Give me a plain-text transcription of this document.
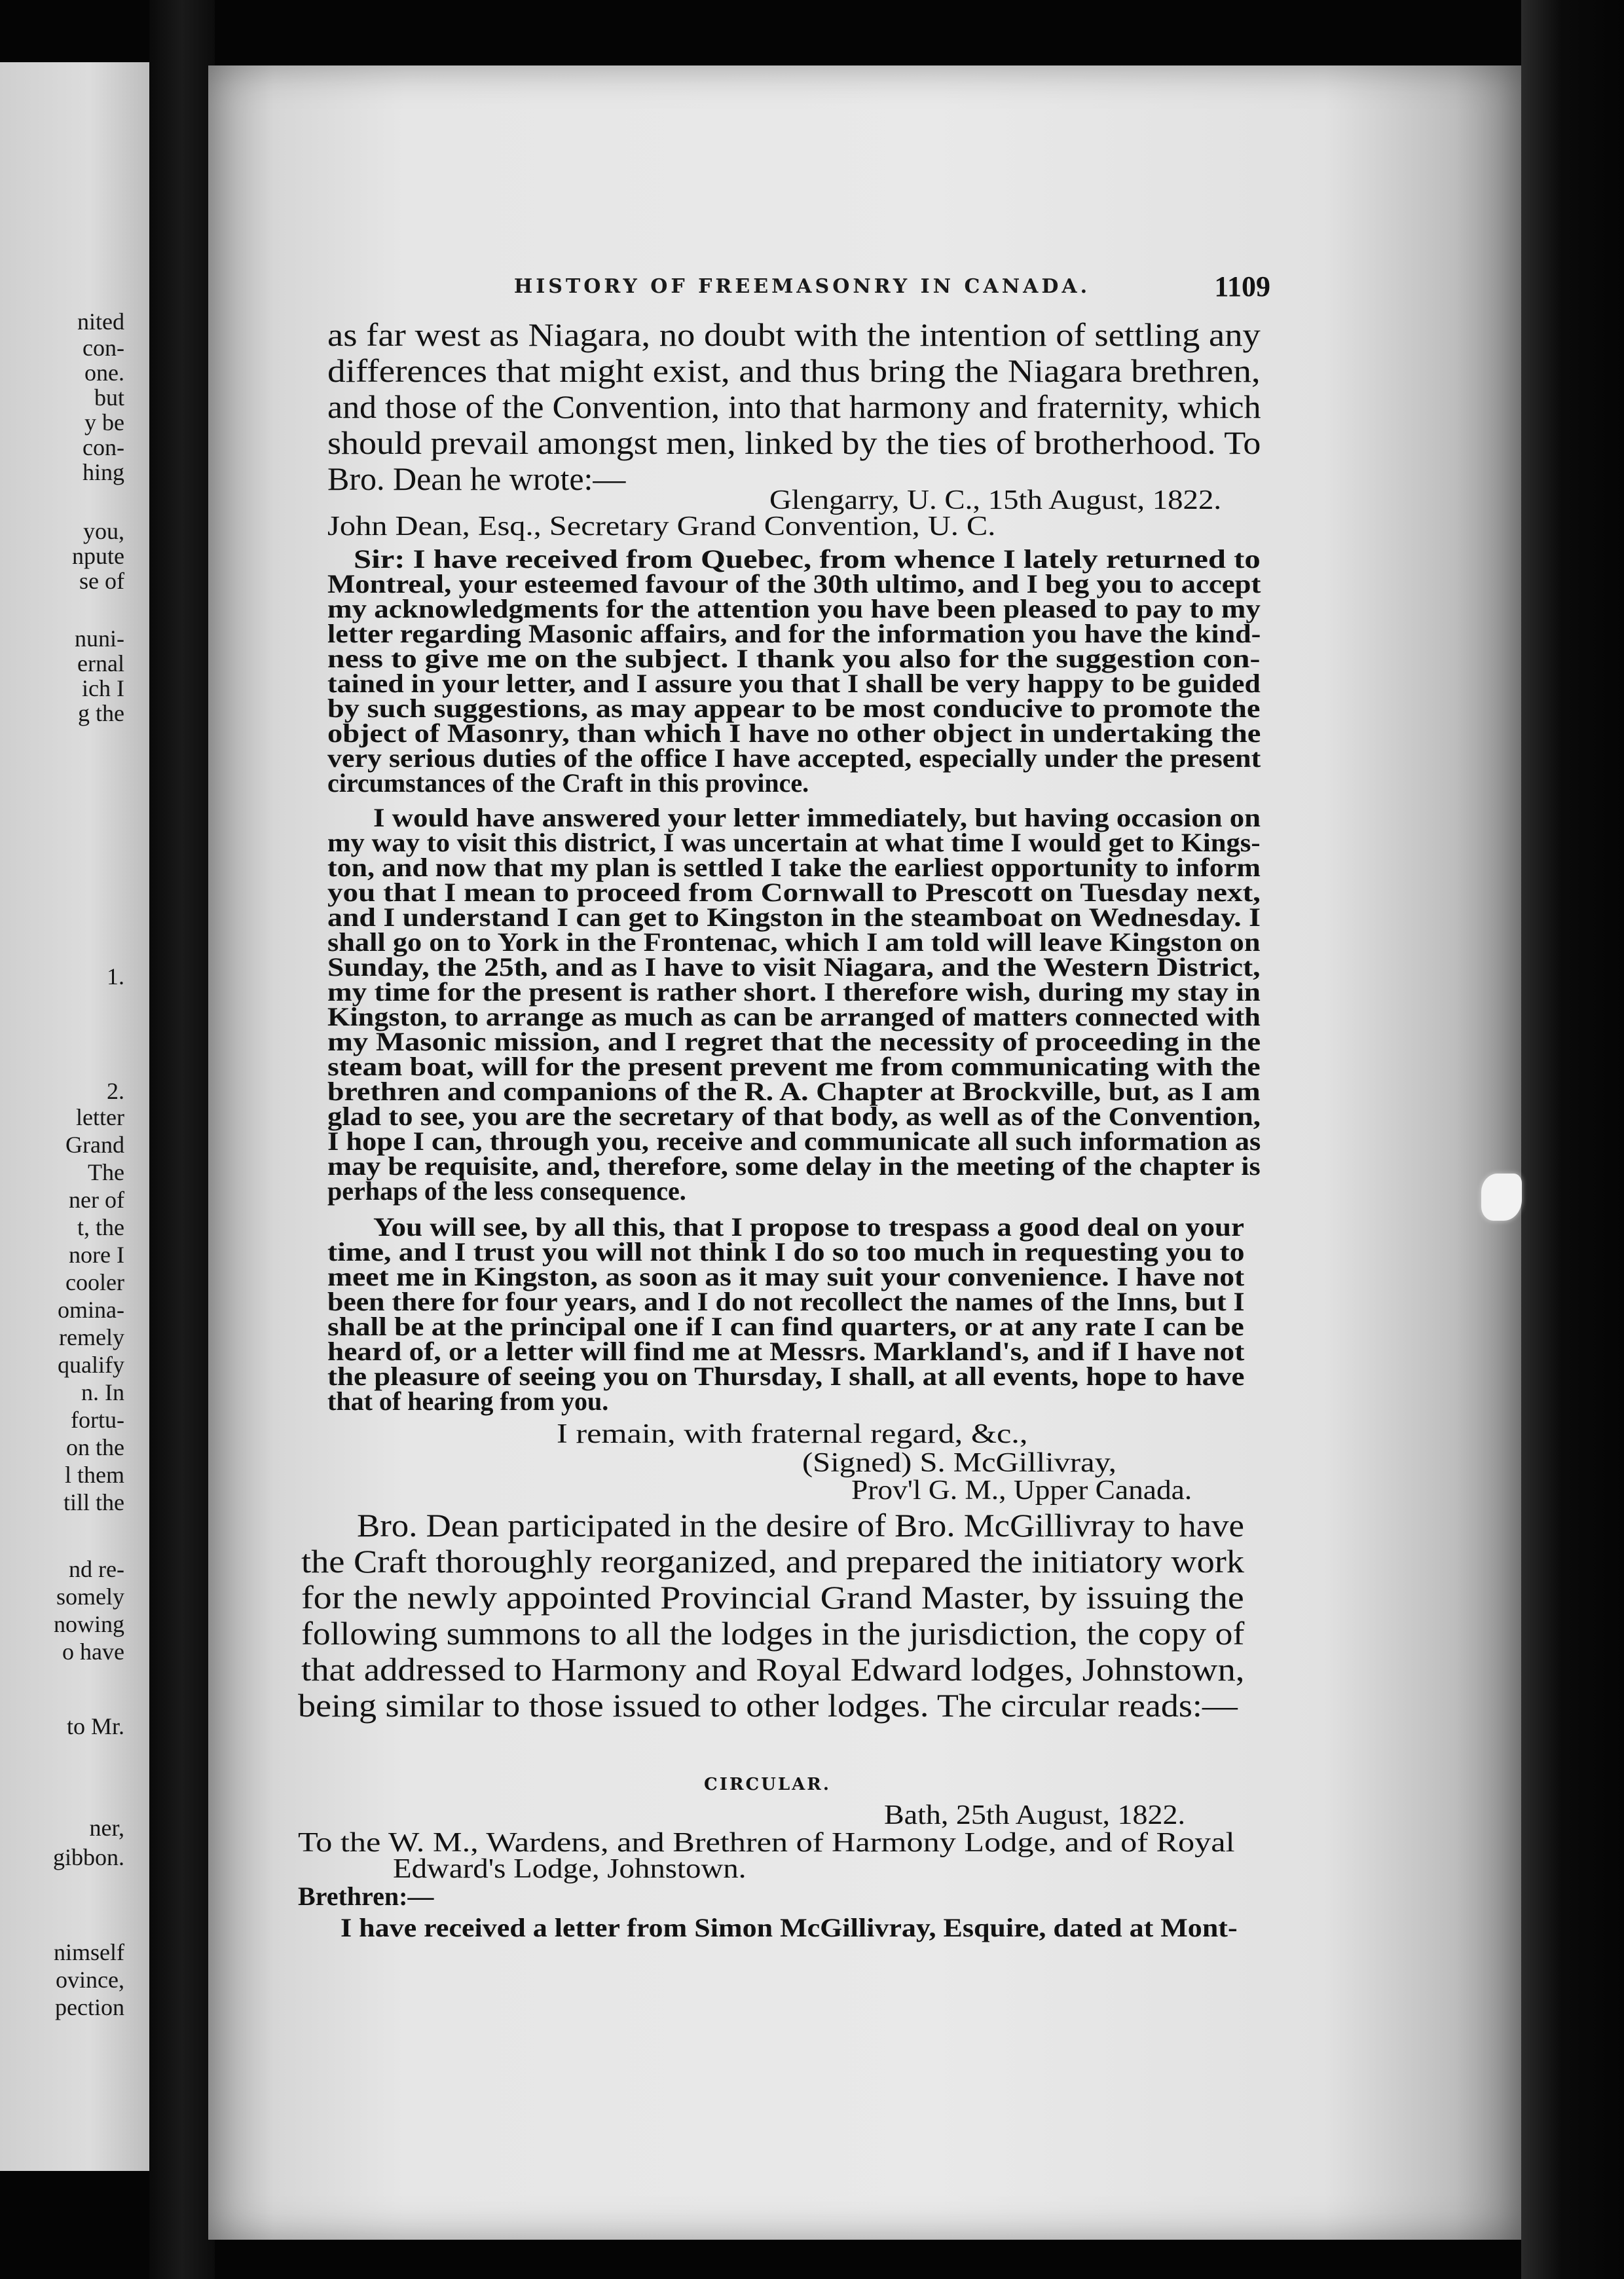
nited
con-
one.
but
y be
con-
hing
you,
npute
se of
nuni-
ernal
ich I
g the
1.
2.
letter
Grand
The
ner of
t, the
nore I
cooler
omina-
remely
qualify
n. In
fortu-
on the
l them
till the
nd re-
somely
nowing
o have
to Mr.
ner,
gibbon.
nimself
ovince,
pection
HISTORY OF FREEMASONRY IN CANADA.	1109
as far west as Niagara, no doubt with the intention of settling any
differences that might exist, and thus bring the Niagara brethren,
and those of the Convention, into that harmony and fraternity, which
should prevail amongst men, linked by the ties of brotherhood. To
Bro. Dean he wrote:—
Glengarry, U. C., 15th August, 1822.
John Dean, Esq., Secretary Grand Convention, U. C.
Sir: I have received from Quebec, from whence I lately returned to
Montreal, your esteemed favour of the 30th ultimo, and I beg you to accept
my acknowledgments for the attention you have been pleased to pay to my
letter regarding Masonic affairs, and for the information you have the kind-
ness to give me on the subject. I thank you also for the suggestion con-
tained in your letter, and I assure you that I shall be very happy to be guided
by such suggestions, as may appear to be most conducive to promote the
object of Masonry, than which I have no other object in undertaking the
very serious duties of the office I have accepted, especially under the present
circumstances of the Craft in this province.
I would have answered your letter immediately, but having occasion on
my way to visit this district, I was uncertain at what time I would get to Kings-
ton, and now that my plan is settled I take the earliest opportunity to inform
you that I mean to proceed from Cornwall to Prescott on Tuesday next,
and I understand I can get to Kingston in the steamboat on Wednesday. I
shall go on to York in the Frontenac, which I am told will leave Kingston on
Sunday, the 25th, and as I have to visit Niagara, and the Western District,
my time for the present is rather short. I therefore wish, during my stay in
Kingston, to arrange as much as can be arranged of matters connected with
my Masonic mission, and I regret that the necessity of proceeding in the
steam boat, will for the present prevent me from communicating with the
brethren and companions of the R. A. Chapter at Brockville, but, as I am
glad to see, you are the secretary of that body, as well as of the Convention,
I hope I can, through you, receive and communicate all such information as
may be requisite, and, therefore, some delay in the meeting of the chapter is
perhaps of the less consequence.
You will see, by all this, that I propose to trespass a good deal on your
time, and I trust you will not think I do so too much in requesting you to
meet me in Kingston, as soon as it may suit your convenience. I have not
been there for four years, and I do not recollect the names of the Inns, but I
shall be at the principal one if I can find quarters, or at any rate I can be
heard of, or a letter will find me at Messrs. Markland's, and if I have not
the pleasure of seeing you on Thursday, I shall, at all events, hope to have
that of hearing from you.
I remain, with fraternal regard, &c.,
(Signed) S. McGillivray,
Prov'l G. M., Upper Canada.
Bro. Dean participated in the desire of Bro. McGillivray to have
the Craft thoroughly reorganized, and prepared the initiatory work
for the newly appointed Provincial Grand Master, by issuing the
following summons to all the lodges in the jurisdiction, the copy of
that addressed to Harmony and Royal Edward lodges, Johnstown,
being similar to those issued to other lodges. The circular reads:—
CIRCULAR.
Bath, 25th August, 1822.
To the W. M., Wardens, and Brethren of Harmony Lodge, and of Royal
Edward's Lodge, Johnstown.
Brethren:—
I have received a letter from Simon McGillivray, Esquire, dated at Mont-
